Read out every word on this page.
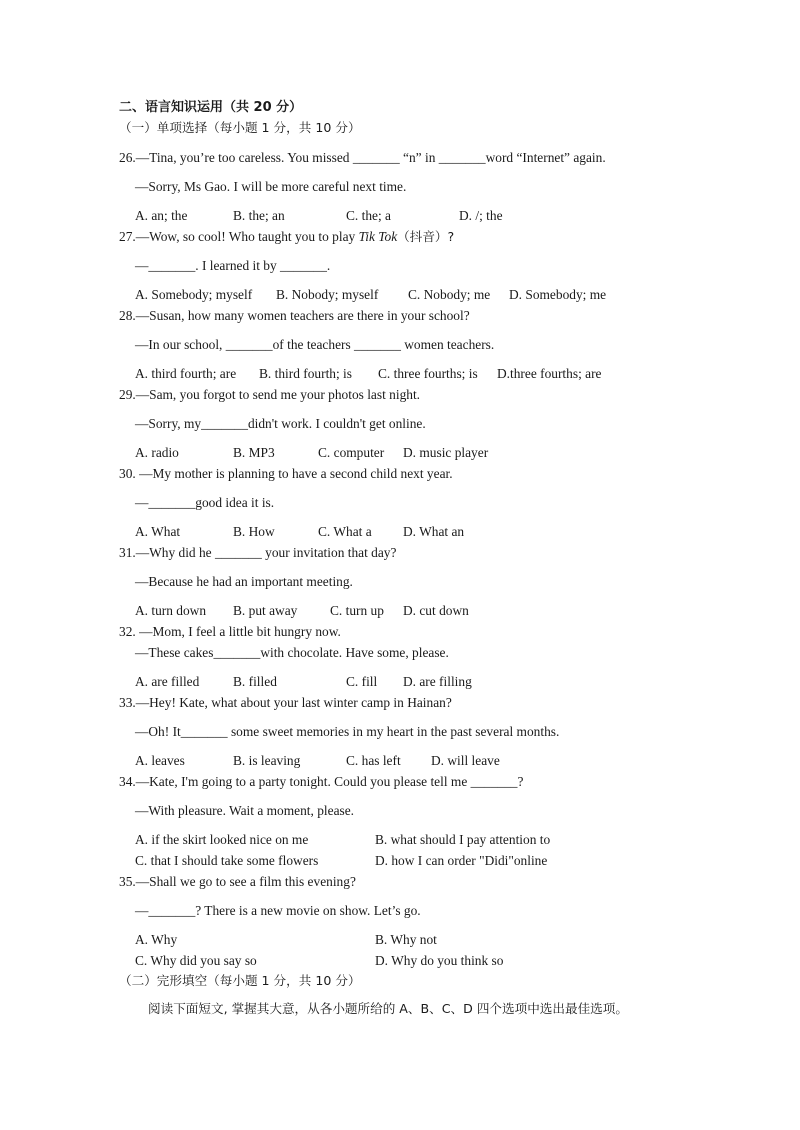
二、语言知识运用（共 20 分）
（一）单项选择（每小题 1 分，共 10 分）
26.—Tina, you’re too careless. You missed _______ “n” in _______word “Internet” again.
—Sorry, Ms Gao. I will be more careful next time.
A. an; the	B. the; an	C. the; a	D. /; the
27.—Wow, so cool! Who taught you to play Tik Tok（抖音）?
—_______. I learned it by _______.
A. Somebody; myself B. Nobody; myself C. Nobody; me D. Somebody; me
28.—Susan, how many women teachers are there in your school?
—In our school, _______of the teachers _______ women teachers.
A. third fourth; are B. third fourth; is C. three fourths; is D.three fourths; are
29.—Sam, you forgot to send me your photos last night.
—Sorry, my_______didn't work. I couldn't get online.
A. radio	B. MP3	C. computer D. music player
30. —My mother is planning to have a second child next year.
—_______good idea it is.
A. What	B. How	C. What a D. What an
31.—Why did he _______ your invitation that day?
—Because he had an important meeting.
A. turn down B. put away C. turn up D. cut down
32. —Mom, I feel a little bit hungry now.
—These cakes_______with chocolate. Have some, please.
A. are filled	B. filled	C. fill D. are filling
33.—Hey! Kate, what about your last winter camp in Hainan?
—Oh! It_______ some sweet memories in my heart in the past several months.
A. leaves	B. is leaving	C. has left D. will leave
34.—Kate, I'm going to a party tonight. Could you please tell me _______?
—With pleasure. Wait a moment, please.
A. if the skirt looked nice on me	B. what should I pay attention to
C. that I should take some flowers	D. how I can order "Didi"online
35.—Shall we go to see a film this evening?
—_______? There is a new movie on show. Let’s go.
A. Why	B. Why not
C. Why did you say so	D. Why do you think so
（二）完形填空（每小题 1 分，共 10 分）
阅读下面短文, 掌握其大意，从各小题所给的 A、B、C、D 四个选项中选出最佳选项。
